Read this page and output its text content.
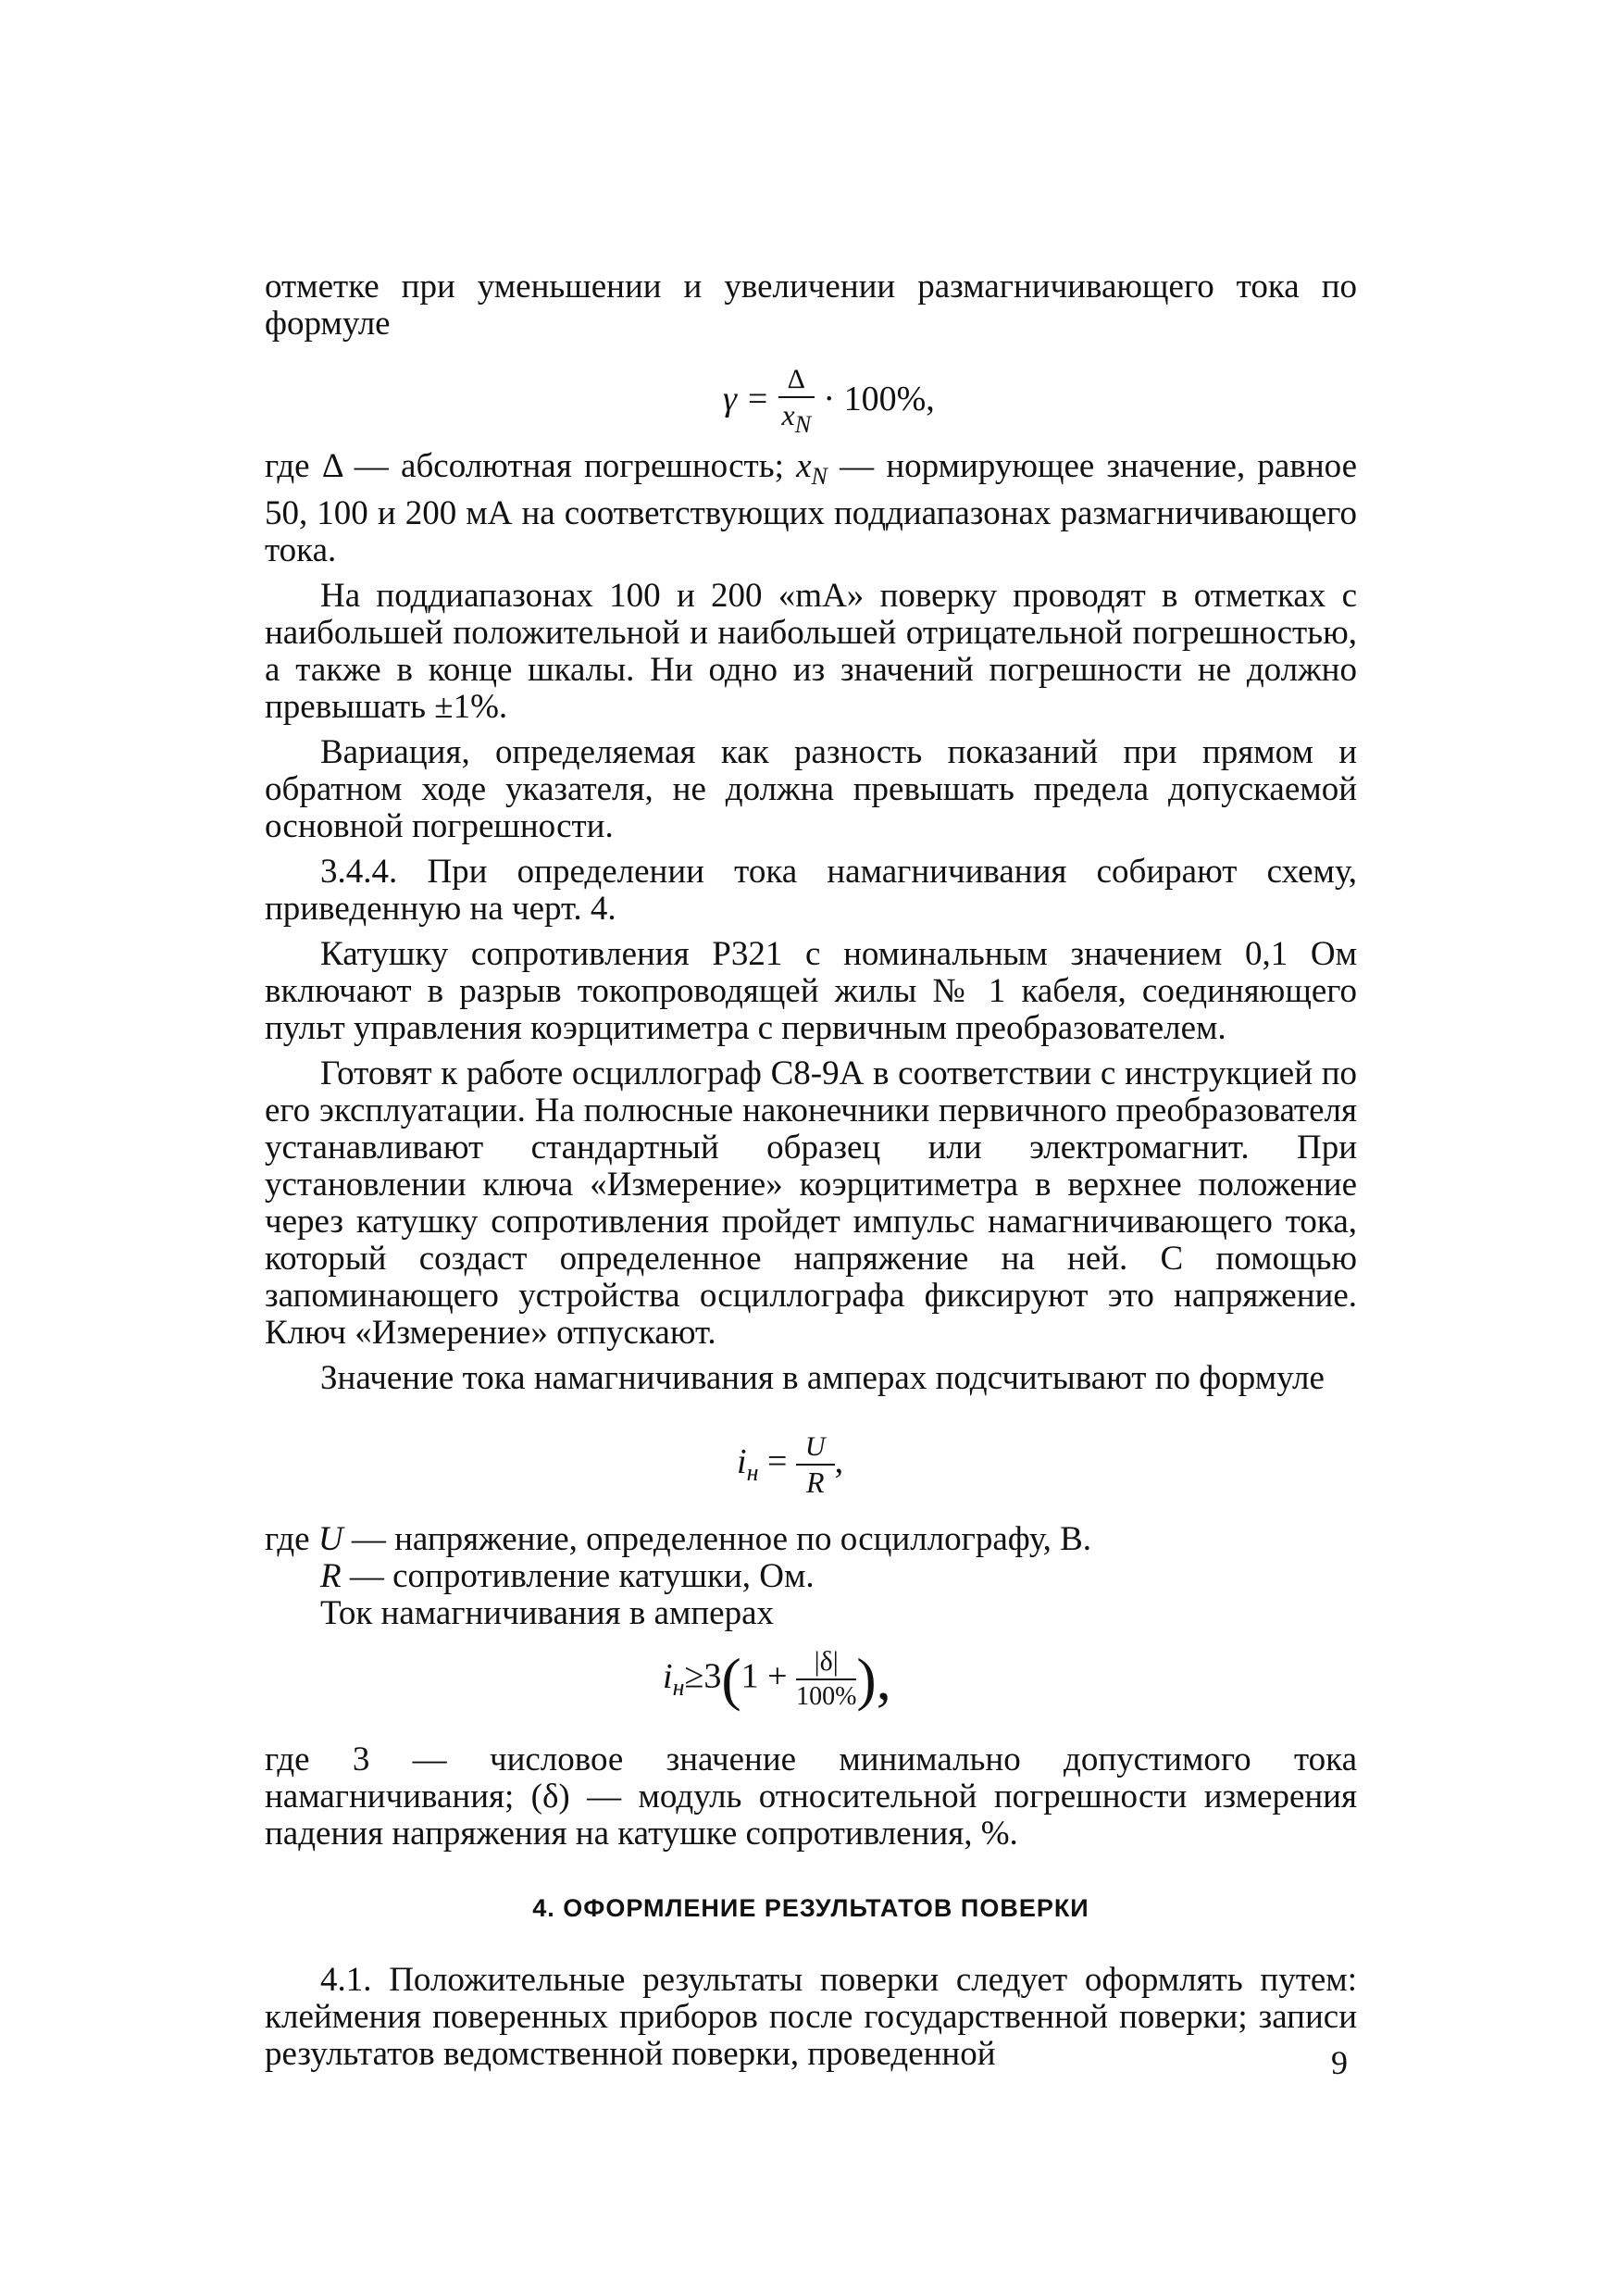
отметке при уменьшении и увеличении размагничивающего тока по формуле

$\gamma = \frac{\Delta}{x_N} \cdot 100\%$,

где Δ — абсолютная погрешность; $x_N$ — нормирующее значение, равное 50, 100 и 200 мА на соответствующих поддиапазонах размагничивающего тока.

На поддиапазонах 100 и 200 «mA» поверку проводят в отметках с наибольшей положительной и наибольшей отрицательной погрешностью, а также в конце шкалы. Ни одно из значений погрешности не должно превышать ±1%.

Вариация, определяемая как разность показаний при прямом и обратном ходе указателя, не должна превышать предела допускаемой основной погрешности.

3.4.4. При определении тока намагничивания собирают схему, приведенную на черт. 4.

Катушку сопротивления Р321 с номинальным значением 0,1 Ом включают в разрыв токопроводящей жилы № 1 кабеля, соединяющего пульт управления коэрцитиметра с первичным преобразователем.

Готовят к работе осциллограф С8-9А в соответствии с инструкцией по его эксплуатации. На полюсные наконечники первичного преобразователя устанавливают стандартный образец или электромагнит. При установлении ключа «Измерение» коэрцитиметра в верхнее положение через катушку сопротивления пройдет импульс намагничивающего тока, который создаст определенное напряжение на ней. С помощью запоминающего устройства осциллографа фиксируют это напряжение. Ключ «Измерение» отпускают.

Значение тока намагничивания в амперах подсчитывают по формуле

$i_н = \frac{U}{R}$ ,

где U — напряжение, определенное по осциллографу, В.

R — сопротивление катушки, Ом.

Ток намагничивания в амперах

$i_н\ge 3(1 + \frac{|\delta|}{100\%}$ ),

где 3 — числовое значение минимально допустимого тока намагничивания; (δ) — модуль относительной погрешности измерения падения напряжения на катушке сопротивления, %.

4. ОФОРМЛЕНИЕ РЕЗУЛЬТАТОВ ПОВЕРКИ

4.1. Положительные результаты поверки следует оформлять путем: клеймения поверенных приборов после государственной поверки; записи результатов ведомственной поверки, проведенной	9
